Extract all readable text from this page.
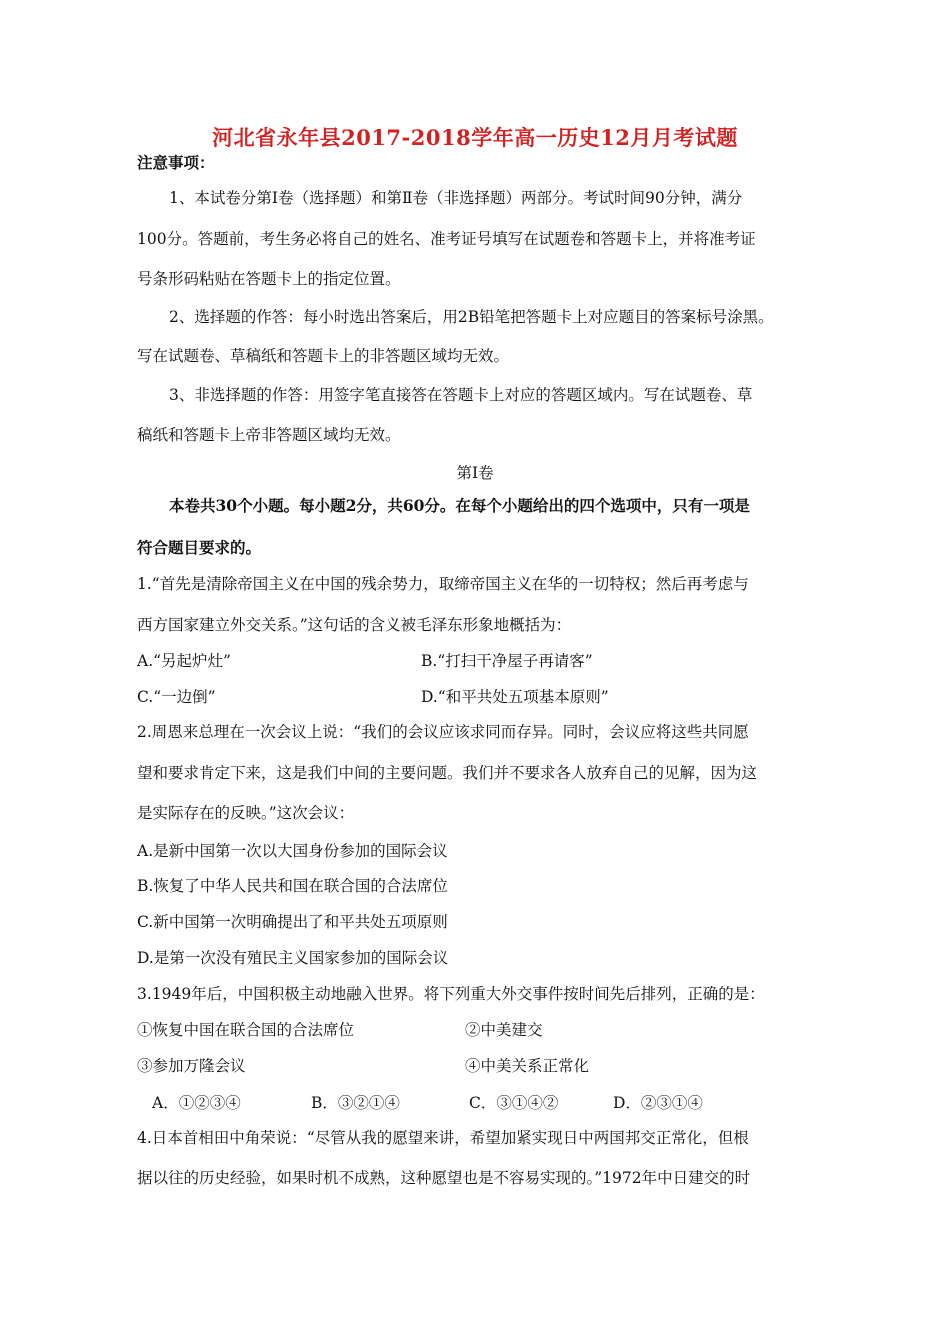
河北省永年县2017-2018学年高一历史12月月考试题
注意事项：
1、本试卷分第Ⅰ卷（选择题）和第Ⅱ卷（非选择题）两部分。考试时间90分钟，满分
100分。答题前，考生务必将自己的姓名、准考证号填写在试题卷和答题卡上，并将准考证
号条形码粘贴在答题卡上的指定位置。
2、选择题的作答：每小时选出答案后，用2B铅笔把答题卡上对应题目的答案标号涂黑。
写在试题卷、草稿纸和答题卡上的非答题区域均无效。
3、非选择题的作答：用签字笔直接答在答题卡上对应的答题区域内。写在试题卷、草
稿纸和答题卡上帝非答题区域均无效。
第Ⅰ卷
本卷共30个小题。每小题2分，共60分。在每个小题给出的四个选项中，只有一项是
符合题目要求的。
1.“首先是清除帝国主义在中国的残余势力，取缔帝国主义在华的一切特权；然后再考虑与
西方国家建立外交关系。”这句话的含义被毛泽东形象地概括为：
A.“另起炉灶”	B.“打扫干净屋子再请客”
C.“一边倒”	D.“和平共处五项基本原则”
2.周恩来总理在一次会议上说：“我们的会议应该求同而存异。同时，会议应将这些共同愿
望和要求肯定下来，这是我们中间的主要问题。我们并不要求各人放弃自己的见解，因为这
是实际存在的反映。”这次会议：
A.是新中国第一次以大国身份参加的国际会议
B.恢复了中华人民共和国在联合国的合法席位
C.新中国第一次明确提出了和平共处五项原则
D.是第一次没有殖民主义国家参加的国际会议
3.1949年后，中国积极主动地融入世界。将下列重大外交事件按时间先后排列，正确的是：
①恢复中国在联合国的合法席位	②中美建交
③参加万隆会议	④中美关系正常化
A．①②③④	B．③②①④	C．③①④②	D．②③①④
4.日本首相田中角荣说：“尽管从我的愿望来讲，希望加紧实现日中两国邦交正常化，但根
据以往的历史经验，如果时机不成熟，这种愿望也是不容易实现的。”1972年中日建交的时
